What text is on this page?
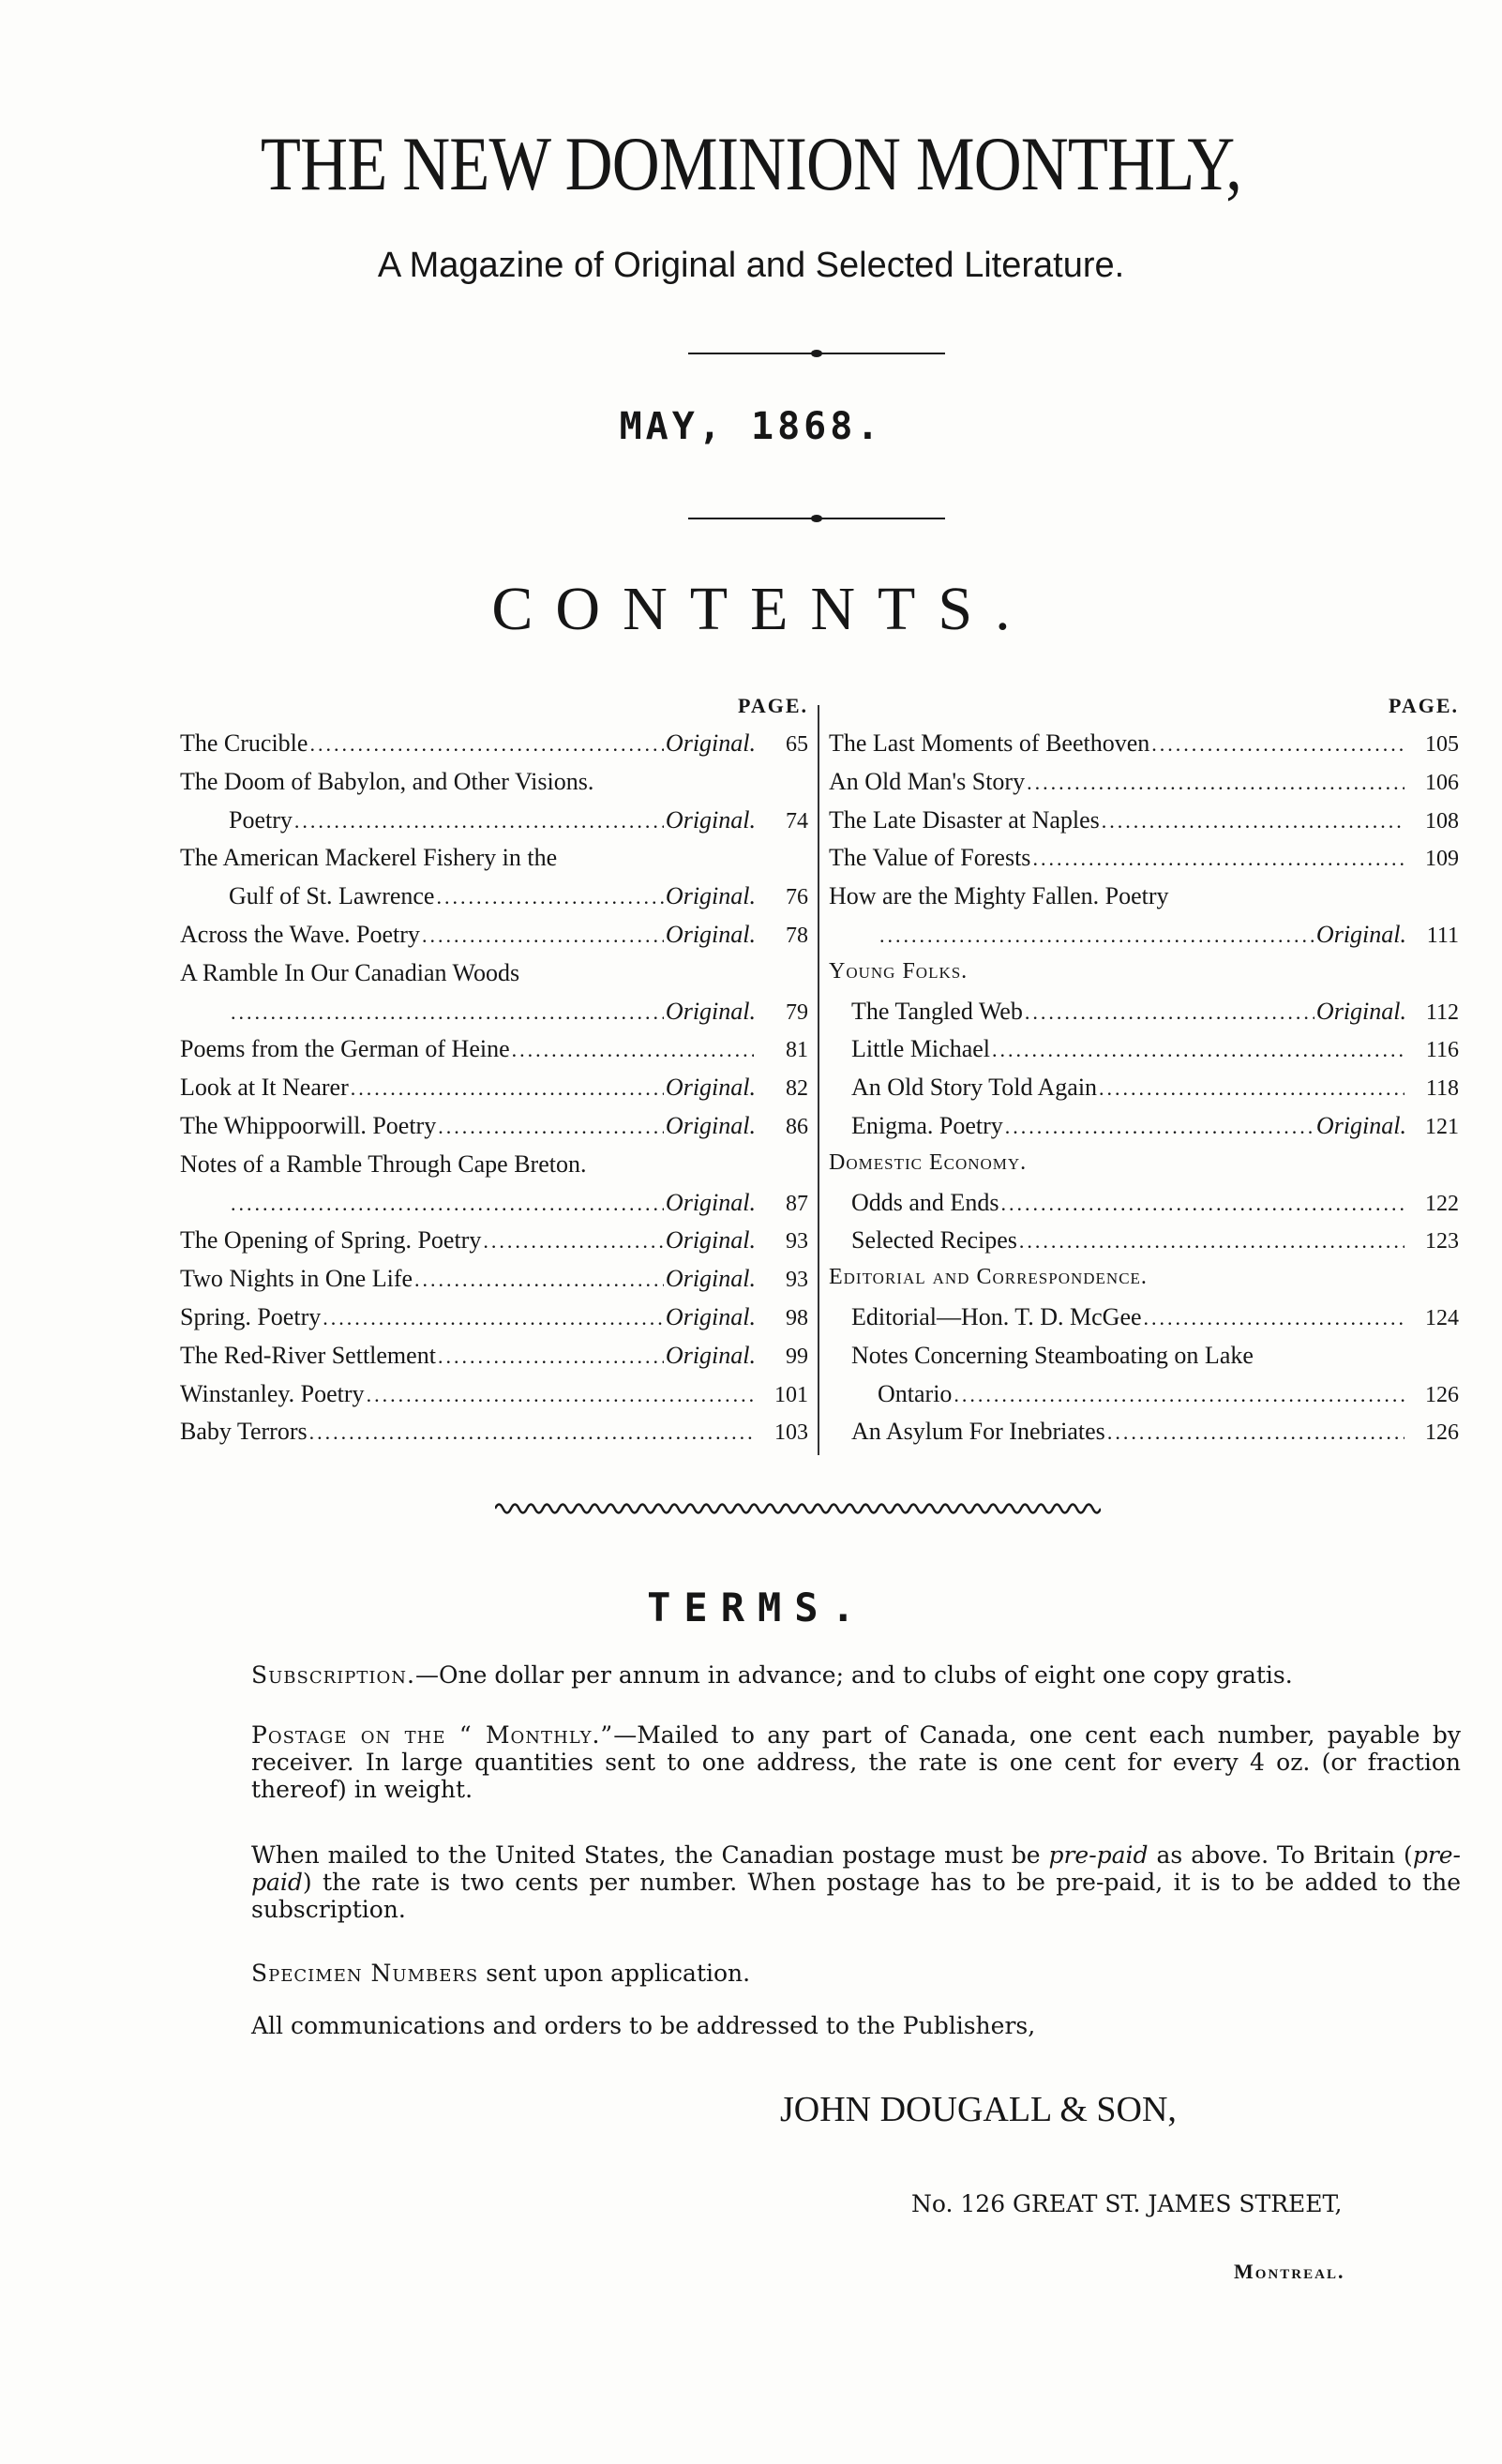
THE NEW DOMINION MONTHLY,
A Magazine of Original and Selected Literature.
MAY, 1868.
CONTENTS.
PAGE.
The Crucible .....	Original.	65
The Doom of Babylon, and Other Visions.
Poetry .....	Original.	74
The American Mackerel Fishery in the
Gulf of St. Lawrence .....	Original.	76
Across the Wave. Poetry .....	Original.	78
A Ramble In Our Canadian Woods
.....
Original.	79
Poems from the German of Heine .....	81
Look at It Nearer .....	Original.	82
The Whippoorwill. Poetry .....	Original.	86
Notes of a Ramble Through Cape Breton.
.....
Original.	87
The Opening of Spring. Poetry .....	Original.	93
Two Nights in One Life .....	Original.	93
Spring. Poetry .....	Original.	98
The Red-River Settlement .....	Original.	99
Winstanley. Poetry .....	101
Baby Terrors .....	103
PAGE.
The Last Moments of Beethoven .....	105
An Old Man's Story .....	106
The Late Disaster at Naples .....	108
The Value of Forests .....	109
How are the Mighty Fallen. Poetry
.....
Original. 111
Young Folks.
The Tangled Web .....	Original. 112
Little Michael .....	116
An Old Story Told Again .....	118
Enigma. Poetry .....	Original. 121
Domestic Economy.
Odds and Ends .....	122
Selected Recipes .....	123
Editorial and Correspondence.
Editorial—Hon. T. D. McGee .....	124
Notes Concerning Steamboating on Lake
Ontario .....	126
An Asylum For Inebriates .....	126
TERMS.
Subscription.—One dollar per annum in advance; and to clubs of eight one copy gratis.
Postage on the “ Monthly.”—Mailed to any part of Canada, one cent each number, payable by receiver. In large quantities sent to one address, the rate is one cent for every 4 oz. (or fraction thereof) in weight.
When mailed to the United States, the Canadian postage must be pre-paid as above. To Britain (pre-paid) the rate is two cents per number. When postage has to be pre-paid, it is to be added to the subscription.
Specimen Numbers sent upon application.
All communications and orders to be addressed to the Publishers,
JOHN DOUGALL & SON,
No. 126 GREAT ST. JAMES STREET,
Montreal.
